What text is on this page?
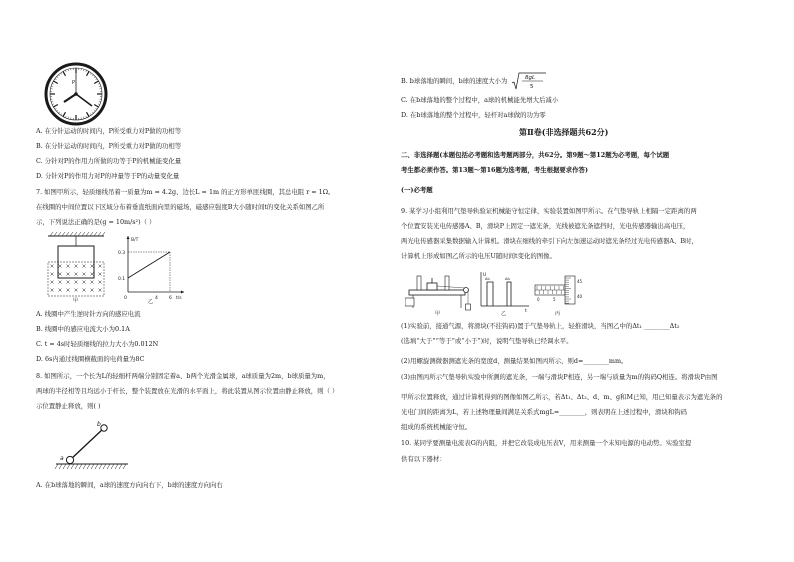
P
A. 在分针运动的时间内，P所受重力对P做的功相等
B. 在分针运动的时间内，P所受重力对P做的功相等
C. 分针对P的作用力所做的功等于P的机械能变化量
D. 分针对P的作用力对P的冲量等于P的动量变化量
7. 如图甲所示，轻质细线吊着一质量为m = 4.2g、边长L = 1m 的正方形单匝线圈，其总电阻 r = 1Ω。
在线圈的中间位置以下区域分布着垂直纸面向里的磁场，磁感应强度B大小随时间t的变化关系如图乙所
示，下列说法正确的是(g = 10m/s²)（ ）
甲
B/T
t/s
0.3
0.1
0	4 6
乙
A. 线圈中产生逆时针方向的感应电流
B. 线圈中的感应电流大小为0.1A
C. t = 4s时轻质细线的拉力大小为0.012N
D. 6s内通过线圈横截面的电荷量为8C
8. 如图所示，一个长为L的轻细杆两端分别固定着a、b两个光滑金属球，a球质量为2m，b球质量为m，
两球的半径相等且均远小于杆长，整个装置放在光滑的水平面上，将此装置从图示位置由静止释放，则（ ）
示位置静止释放，则( )
a
b
A. 在b球落地的瞬间，a球的速度方向向右下，b球的速度方向向右
B. b球落地的瞬间，b球的速度大小为	8gL
5
C. 在b球落地的整个过程中，a球的机械能先增大后减小
D. 在b球落地的整个过程中，轻杆对a球做的功为零
第Ⅱ卷(非选择题共62分)
二、非选择题(本题包括必考题和选考题两部分，共62分。第9题～第12题为必考题，每个试题
考生都必须作答。第13题～第16题为选考题，考生根据要求作答)
(一)必考题
9. 某学习小组利用气垫导轨验证机械能守恒定律，实验装置如图甲所示。在气垫导轨上相隔一定距离的两
个位置安装光电传感器A、B，滑块P上固定一遮光条，光线被遮光条遮挡时，光电传感器输出高电压，
两光电传感器采集数据输入计算机。滑块在细线的牵引下向左加速运动时遮光条经过光电传感器A、B时，
计算机上形成如图乙所示的电压U随时间t变化的图像。
甲
U
t
Δt₁	Δt₂
乙
0	5
45
40
丙
(1)实验前，接通气源，将滑块(不挂钩码)置于气垫导轨上，轻推滑块，当图乙中的Δt₁ ________Δt₂
(选填“大于”“等于”或“小于”)时，说明气垫导轨已经调水平。
(2)用螺旋测微器测遮光条的宽度d，测量结果如图丙所示，则d=________mm。
(3)由图丙所示气垫导轨实验中所测的遮光条，一端与滑块P相连，另一端与质量为m的钩码Q相连。将滑块P由图
甲所示位置释放，通过计算机得到的图像如图乙所示，若Δt₁、Δt₂、d、m、g和M已知，用已知量表示为遮光条的
光电门间的距离为L，若上述物理量间满足关系式mgL=________，则表明在上述过程中，滑块和钩码
组成的系统机械能守恒。
10. 某同学要测量电流表G的内阻，并把它改装成电压表V，用来测量一个未知电源的电动势。实验室提
供有以下器材：
